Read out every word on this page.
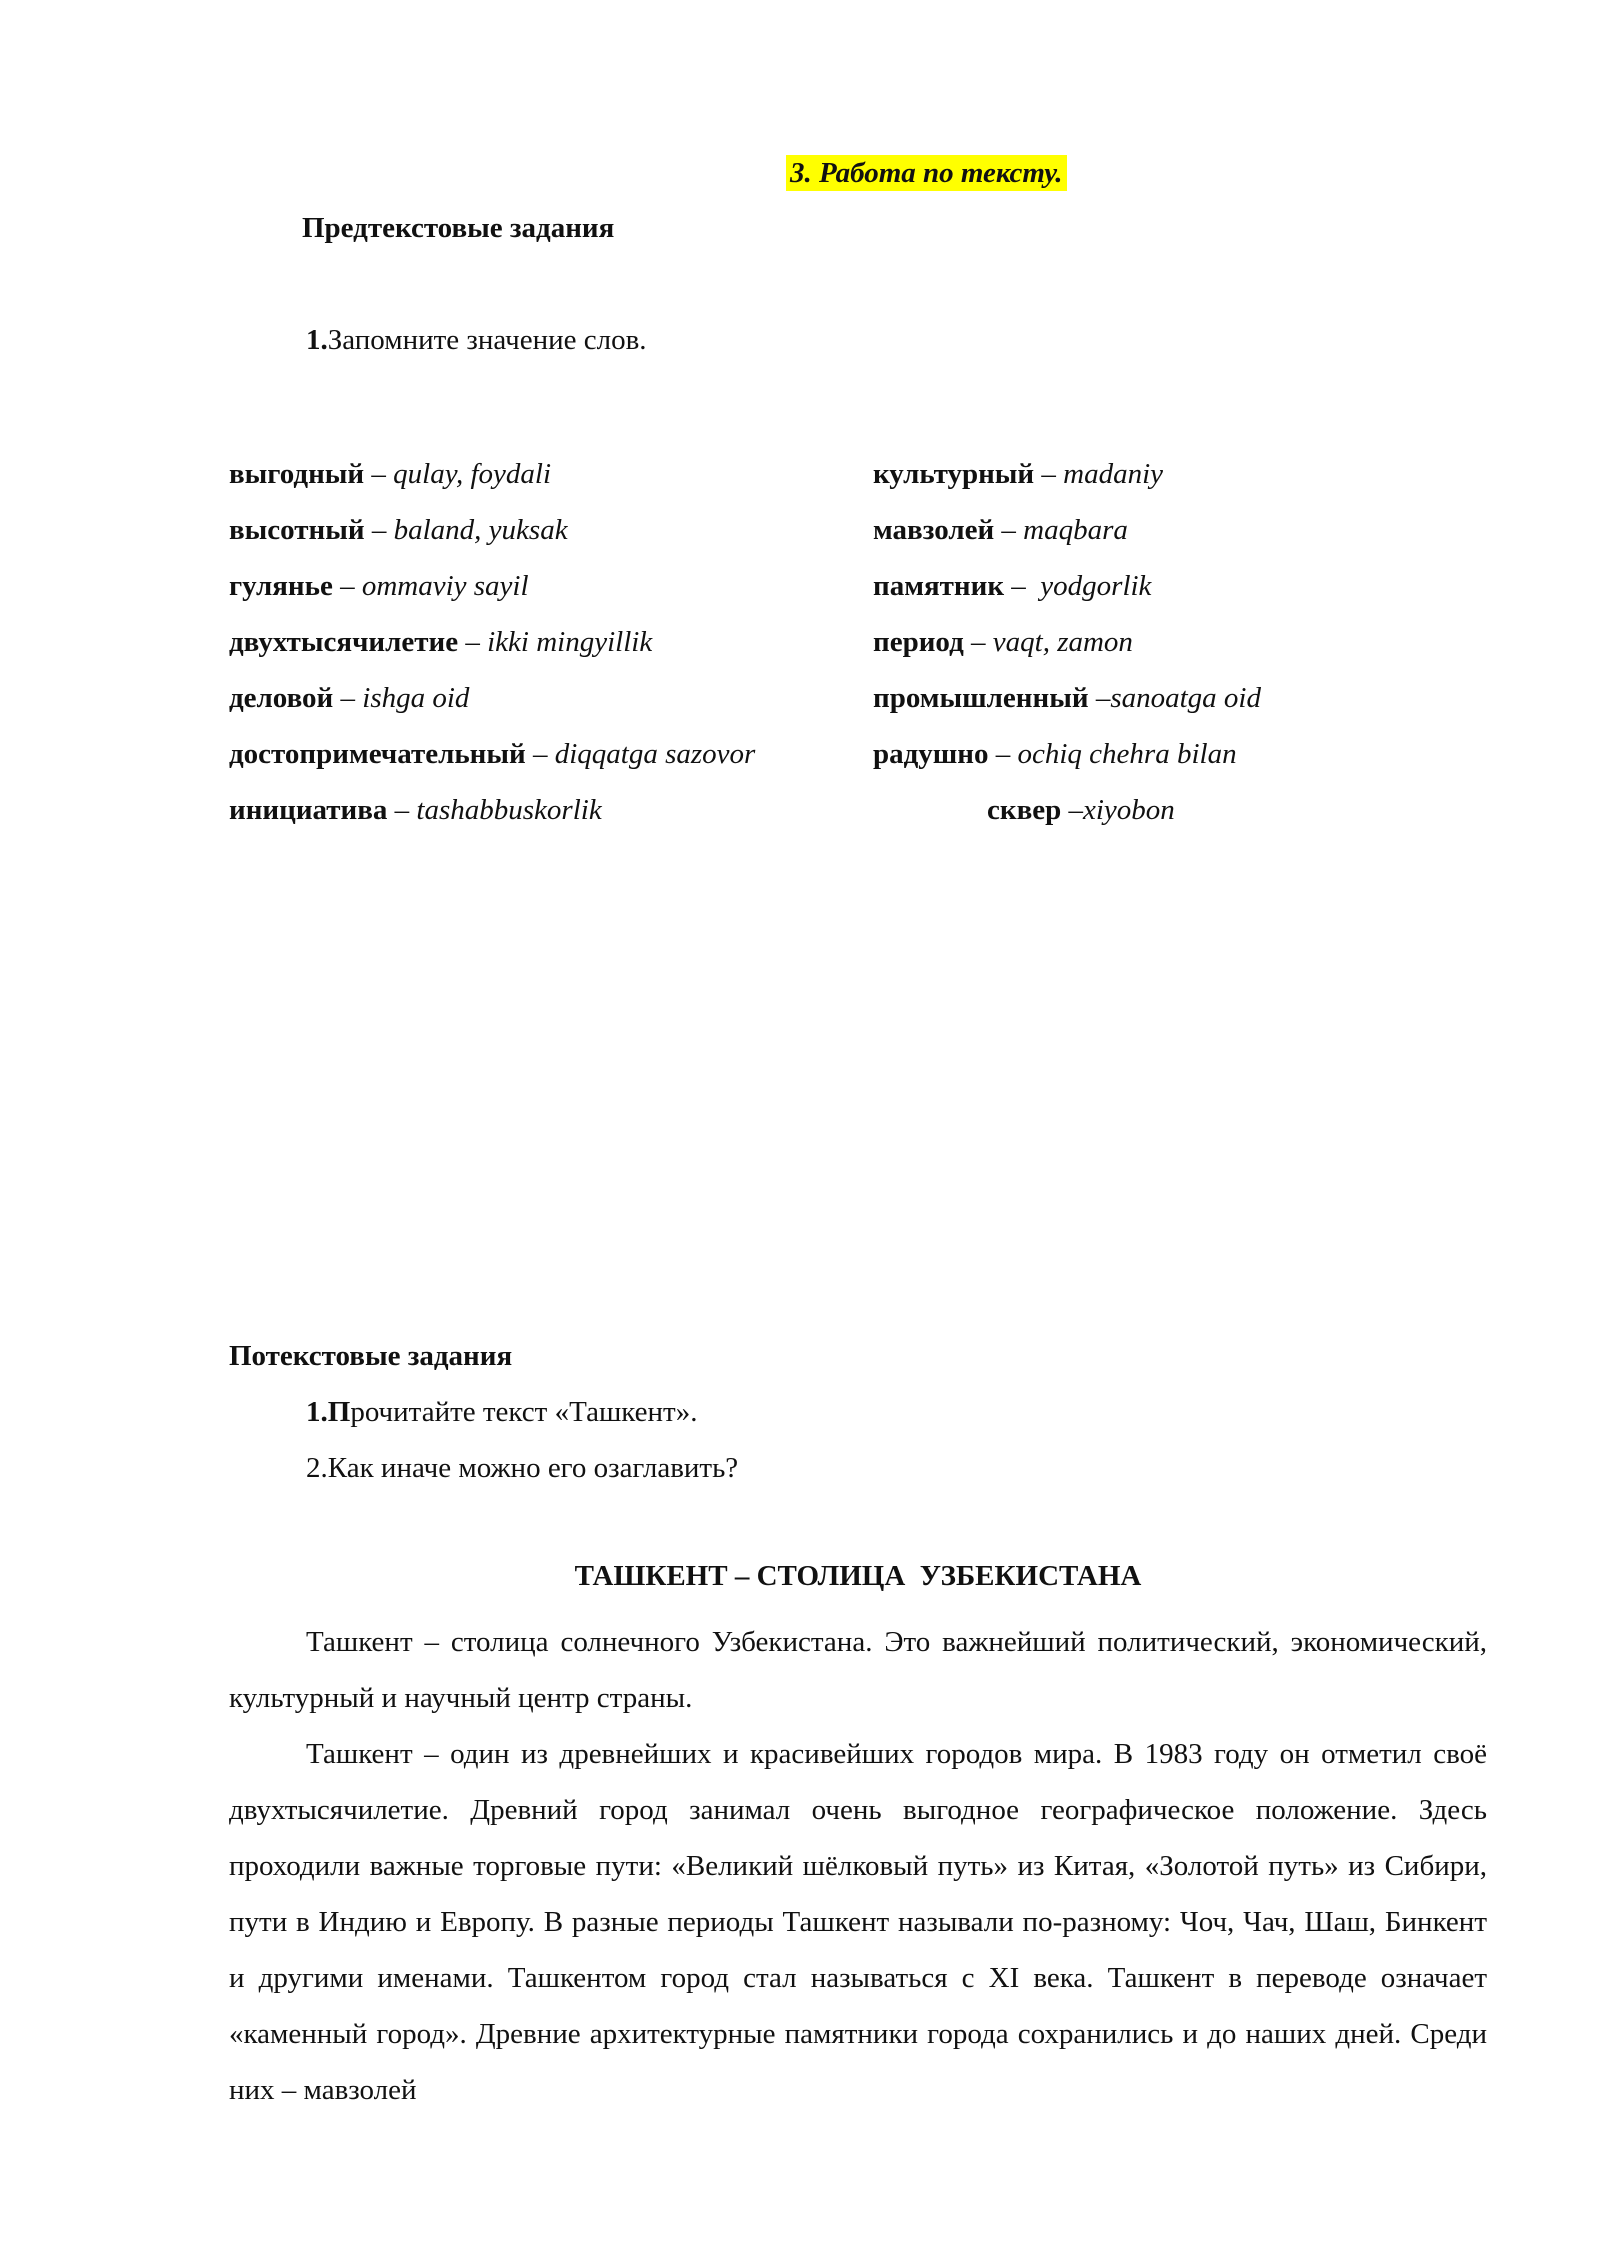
3. Работа по тексту.
Предтекстовые задания
1.Запомните значение слов.
выгодный – qulay, foydali
высотный – baland, yuksak
гулянье – ommaviy sayil
двухтысячилетие – ikki mingyillik
деловой – ishga oid
достопримечательный – diqqatga sazovor
инициатива – tashabbuskorlik
культурный – madaniy
мавзолей – maqbara
памятник –  yodgorlik
период – vaqt, zamon
промышленный –sanoatga oid
радушно – ochiq chehra bilan
сквер –xiyobon
Потекстовые задания
1.Прочитайте текст «Ташкент».
2.Как иначе можно его озаглавить?
ТАШКЕНТ – СТОЛИЦА  УЗБЕКИСТАНА

Ташкент – столица солнечного Узбекистана. Это важнейший политический, экономический, культурный и научный центр страны.

Ташкент – один из древнейших и красивейших городов мира. В 1983 году он отметил своё двухтысячилетие. Древний город занимал очень выгодное географическое положение. Здесь проходили важные торговые пути: «Великий шёлковый путь» из Китая, «Золотой путь» из Сибири, пути в Индию и Европу. В разные периоды Ташкент называли по-разному: Чоч, Чач, Шаш, Бинкент и другими именами. Ташкентом город стал называться с XI века. Ташкент в переводе означает «каменный город». Древние архитектурные памятники города сохранились и до наших дней. Среди них – мавзолей
